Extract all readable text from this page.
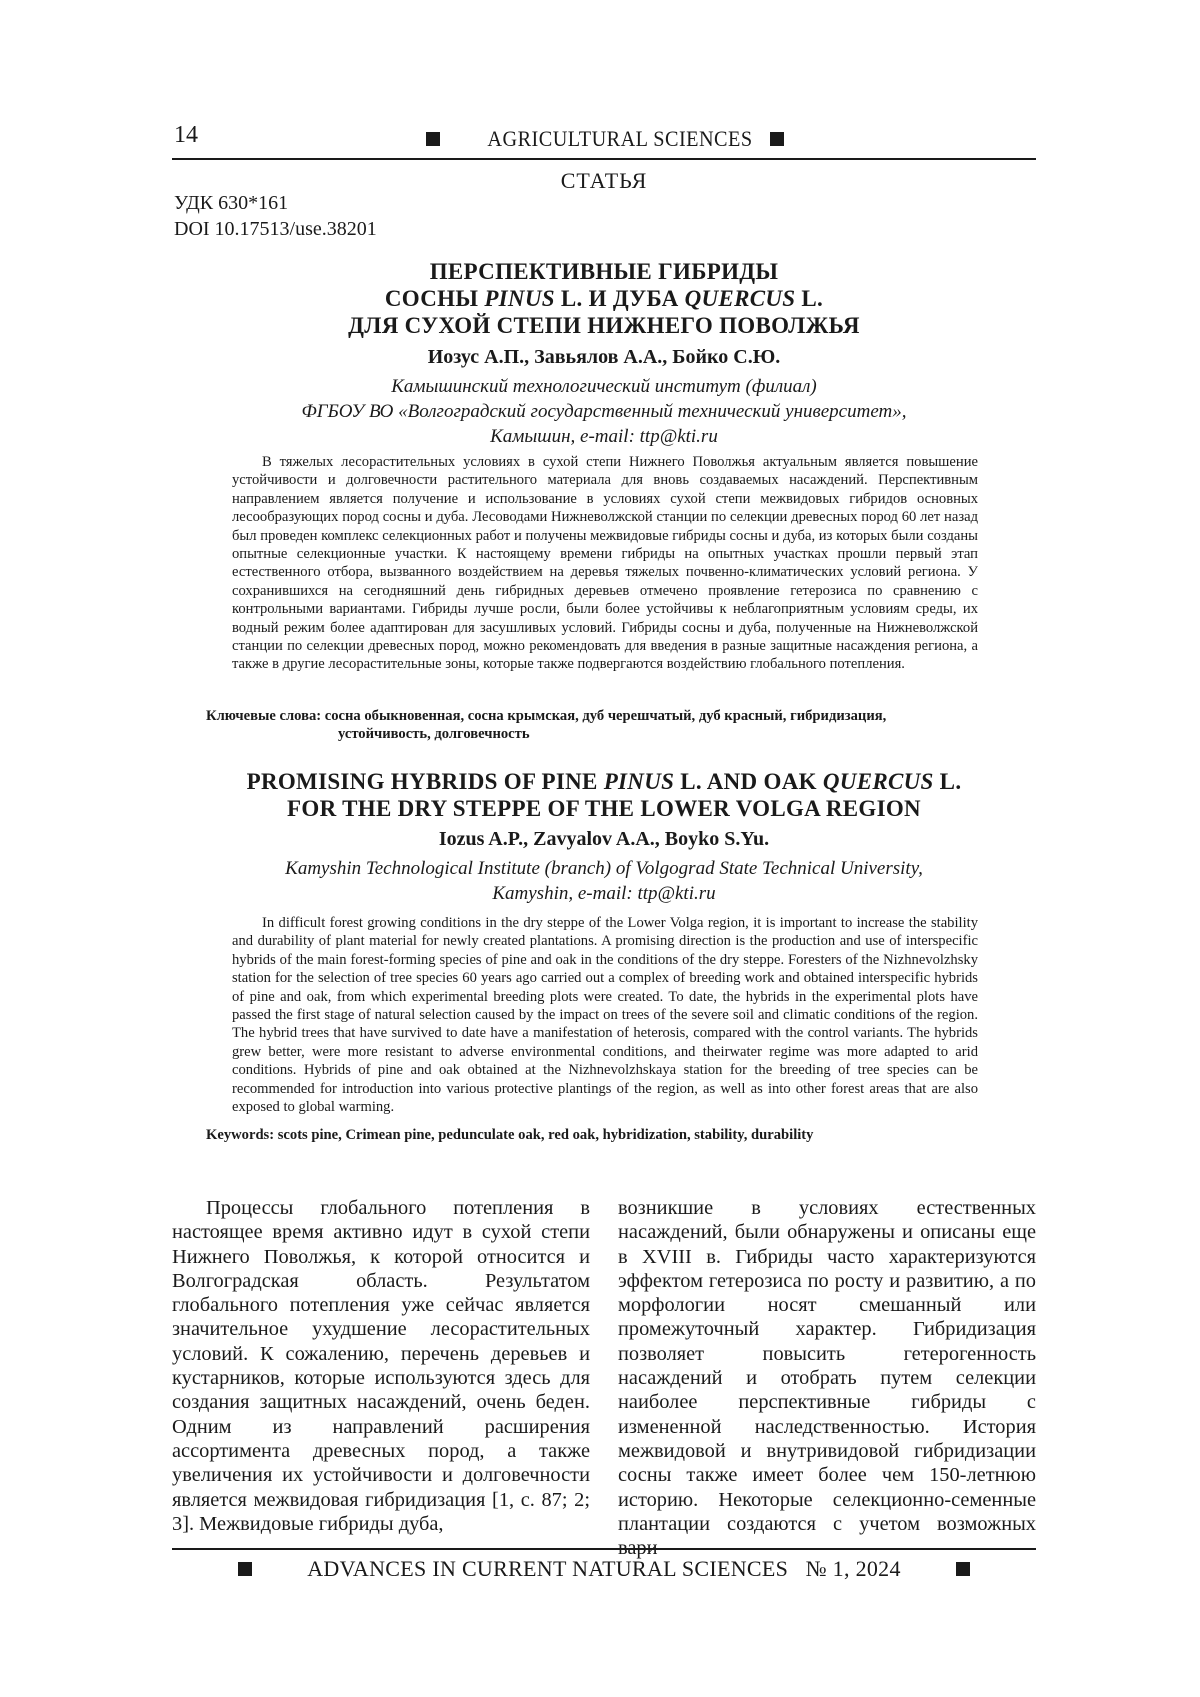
14	AGRICULTURAL SCIENCES
СТАТЬЯ
УДК 630*161
DOI 10.17513/use.38201
ПЕРСПЕКТИВНЫЕ ГИБРИДЫ
СОСНЫ PINUS L. И ДУБА QUERCUS L.
ДЛЯ СУХОЙ СТЕПИ НИЖНЕГО ПОВОЛЖЬЯ
Иозус А.П., Завьялов А.А., Бойко С.Ю.
Камышинский технологический институт (филиал)
ФГБОУ ВО «Волгоградский государственный технический университет»,
Камышин, e-mail: ttp@kti.ru

В тяжелых лесорастительных условиях в сухой степи Нижнего Поволжья актуальным является повышение устойчивости и долговечности растительного материала для вновь создаваемых насаждений. Перспективным направлением является получение и использование в условиях сухой степи межвидовых гибридов основных лесообразующих пород сосны и дуба. Лесоводами Нижневолжской станции по селекции древесных пород 60 лет назад был проведен комплекс селекционных работ и получены межвидовые гибриды сосны и дуба, из которых были созданы опытные селекционные участки. К настоящему времени гибриды на опытных участках прошли первый этап естественного отбора, вызванного воздействием на деревья тяжелых почвенно-климатических условий региона. У сохранившихся на сегодняшний день гибридных деревьев отмечено проявление гетерозиса по сравнению с контрольными вариантами. Гибриды лучше росли, были более устойчивы к неблагоприятным условиям среды, их водный режим более адаптирован для засушливых условий. Гибриды сосны и дуба, полученные на Нижневолжской станции по селекции древесных пород, можно рекомендовать для введения в разные защитные насаждения региона, а также в другие лесорастительные зоны, которые также подвергаются воздействию глобального потепления.

Ключевые слова: сосна обыкновенная, сосна крымская, дуб черешчатый, дуб красный, гибридизация,
устойчивость, долговечность
PROMISING HYBRIDS OF PINE PINUS L. AND OAK QUERCUS L.
FOR THE DRY STEPPE OF THE LOWER VOLGA REGION
Iozus A.P., Zavyalov A.A., Boyko S.Yu.
Kamyshin Technological Institute (branch) of Volgograd State Technical University,
Kamyshin, e-mail: ttp@kti.ru

In difficult forest growing conditions in the dry steppe of the Lower Volga region, it is important to increase the stability and durability of plant material for newly created plantations. A promising direction is the production and use of interspecific hybrids of the main forest-forming species of pine and oak in the conditions of the dry steppe. Foresters of the Nizhnevolzhsky station for the selection of tree species 60 years ago carried out a complex of breeding work and obtained interspecific hybrids of pine and oak, from which experimental breeding plots were created. To date, the hybrids in the experimental plots have passed the first stage of natural selection caused by the impact on trees of the severe soil and climatic conditions of the region. The hybrid trees that have survived to date have a manifestation of heterosis, compared with the control variants. The hybrids grew better, were more resistant to adverse environmental conditions, and theirwater regime was more adapted to arid conditions. Hybrids of pine and oak obtained at the Nizhnevolzhskaya station for the breeding of tree species can be recommended for introduction into various protective plantings of the region, as well as into other forest areas that are also exposed to global warming.

Keywords: scots pine, Crimean pine, pedunculate oak, red oak, hybridization, stability, durability

Процессы глобального потепления в настоящее время активно идут в сухой степи Нижнего Поволжья, к которой относится и Волгоградская область. Результатом глобального потепления уже сейчас является значительное ухудшение лесорастительных условий. К сожалению, перечень деревьев и кустарников, которые используются здесь для создания защитных насаждений, очень беден. Одним из направлений расширения ассортимента древесных пород, а также увеличения их устойчивости и долговечности является межвидовая гибридизация [1, с. 87; 2; 3]. Межвидовые гибриды дуба,

возникшие в условиях естественных насаждений, были обнаружены и описаны еще в XVIII в. Гибриды часто характеризуются эффектом гетерозиса по росту и развитию, а по морфологии носят смешанный или промежуточный характер. Гибридизация позволяет повысить гетерогенность насаждений и отобрать путем селекции наиболее перспективные гибриды с измененной наследственностью. История межвидовой и внутривидовой гибридизации сосны также имеет более чем 150-летнюю историю. Некоторые селекционно-семенные плантации создаются с учетом возможных вари-

ADVANCES IN CURRENT NATURAL SCIENCES № 1, 2024
